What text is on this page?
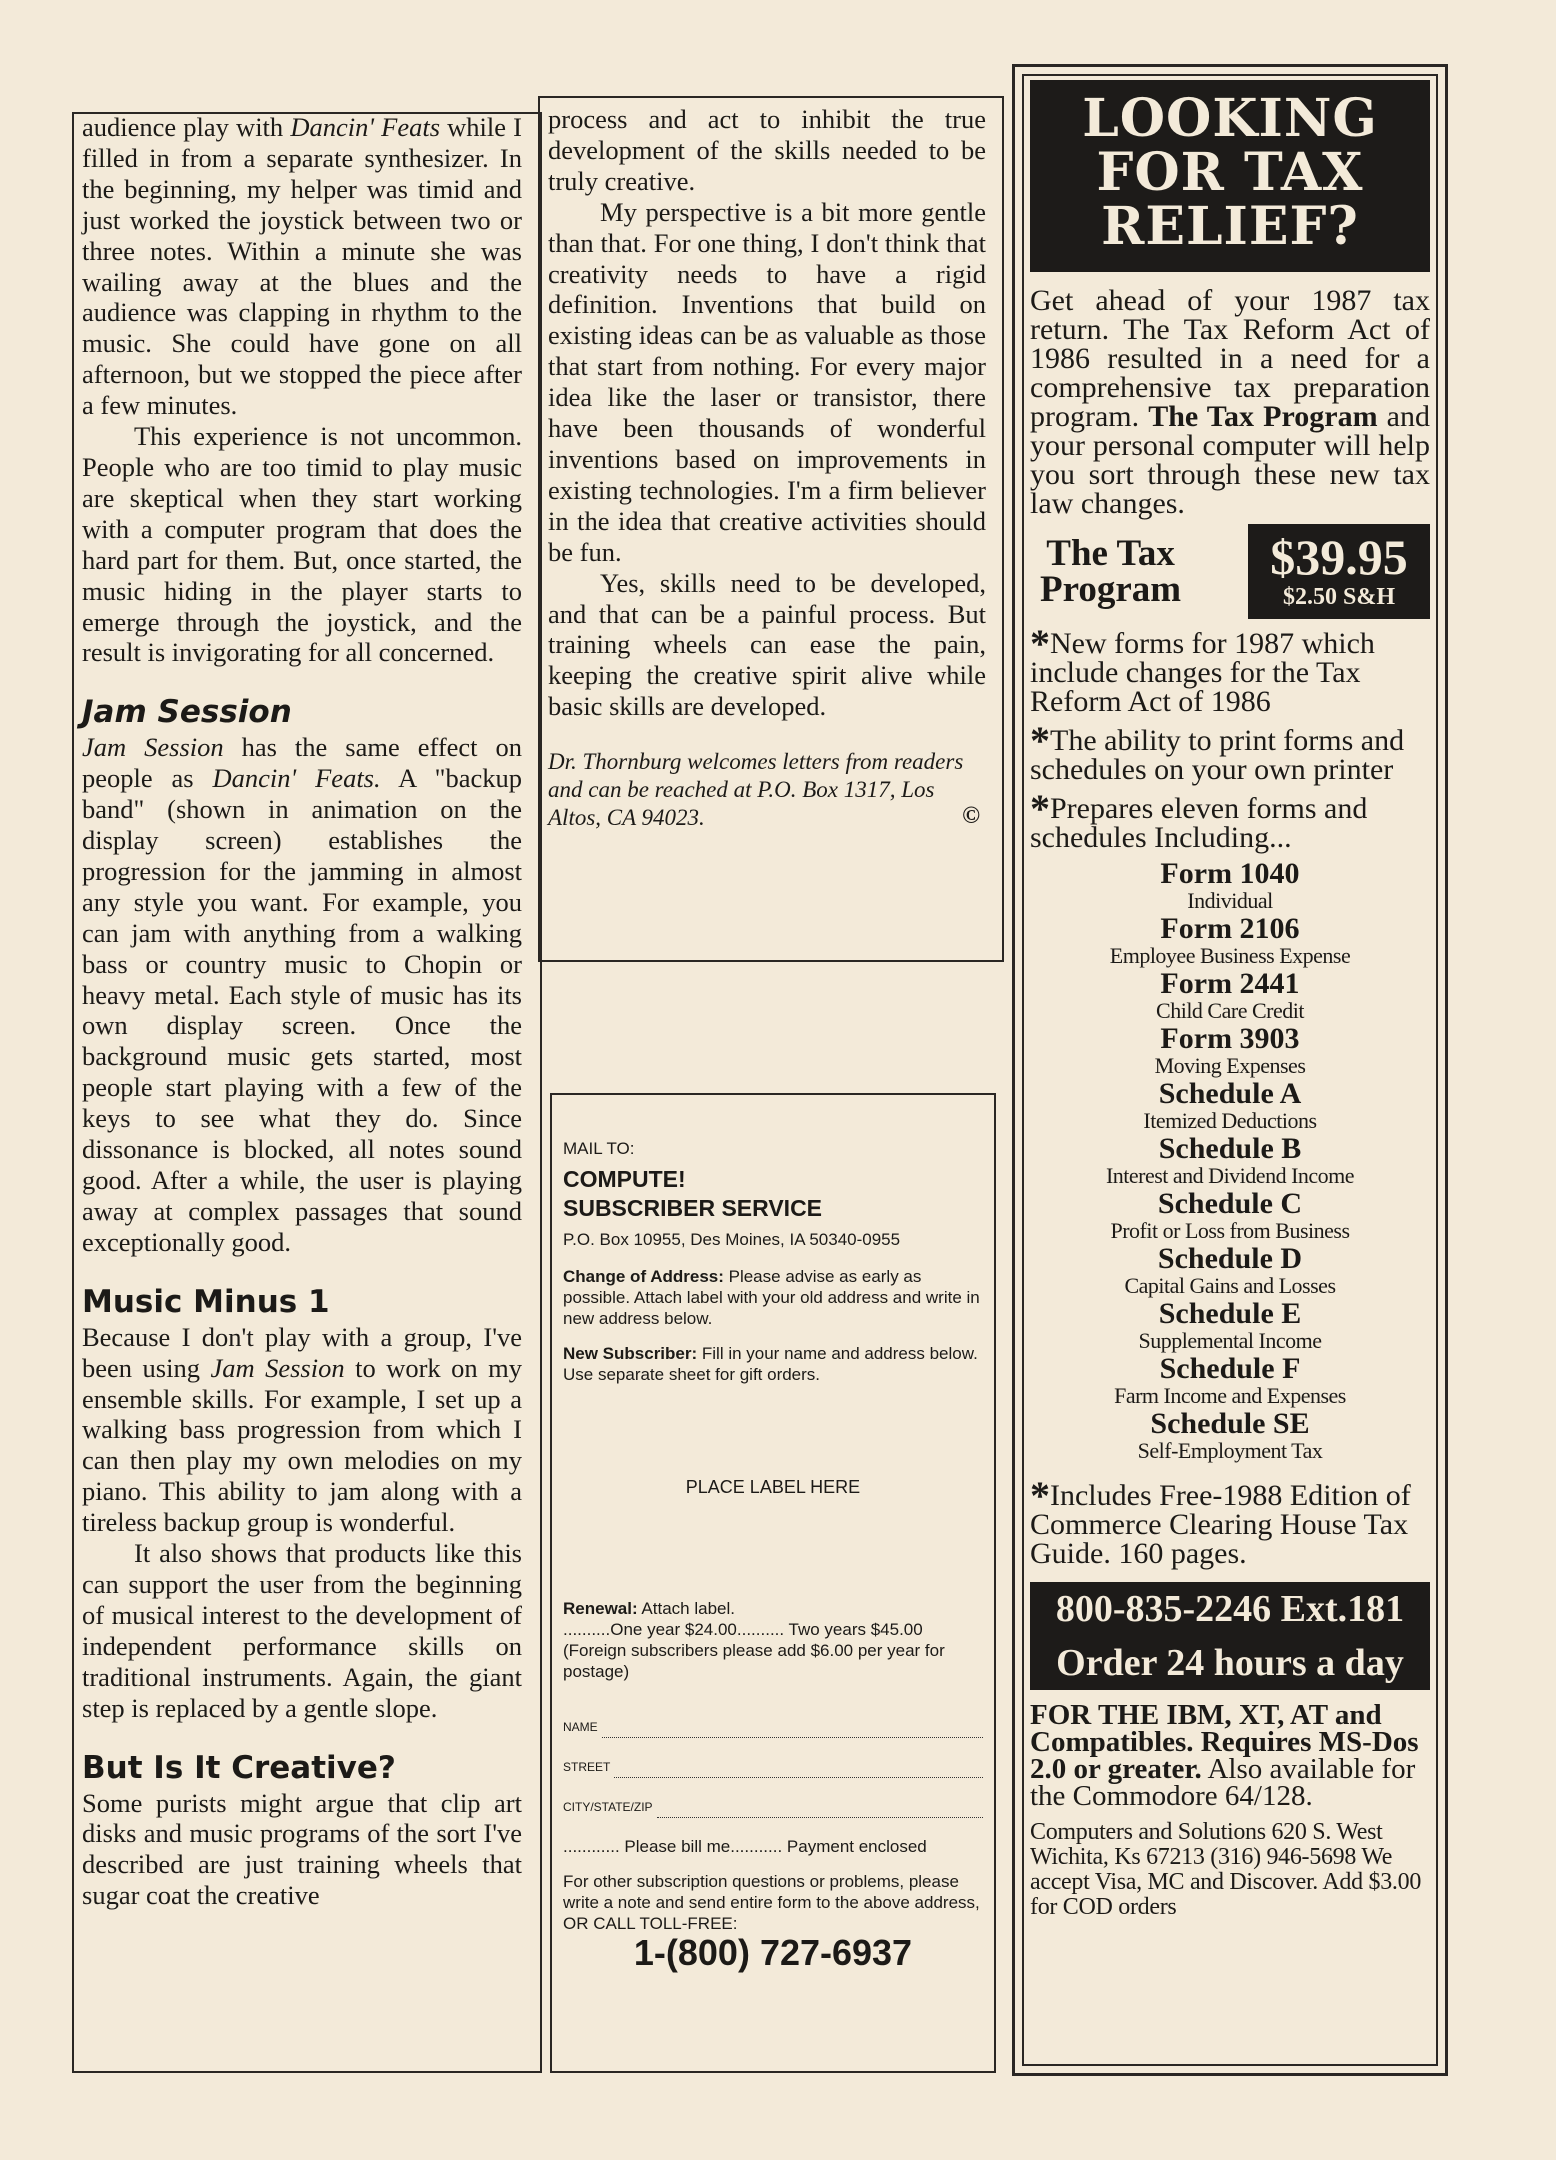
audience play with Dancin' Feats while I filled in from a separate synthesizer. In the beginning, my helper was timid and just worked the joystick between two or three notes. Within a minute she was wailing away at the blues and the audience was clapping in rhythm to the music. She could have gone on all afternoon, but we stopped the piece after a few minutes.

This experience is not uncommon. People who are too timid to play music are skeptical when they start working with a computer program that does the hard part for them. But, once started, the music hiding in the player starts to emerge through the joystick, and the result is invigorating for all concerned.

Jam Session

Jam Session has the same effect on people as Dancin' Feats. A "backup band" (shown in animation on the display screen) establishes the progression for the jamming in almost any style you want. For example, you can jam with anything from a walking bass or country music to Chopin or heavy metal. Each style of music has its own display screen. Once the background music gets started, most people start playing with a few of the keys to see what they do. Since dissonance is blocked, all notes sound good. After a while, the user is playing away at complex passages that sound exceptionally good.

Music Minus 1

Because I don't play with a group, I've been using Jam Session to work on my ensemble skills. For example, I set up a walking bass progression from which I can then play my own melodies on my piano. This ability to jam along with a tireless backup group is wonderful.

It also shows that products like this can support the user from the beginning of musical interest to the development of independent performance skills on traditional instruments. Again, the giant step is replaced by a gentle slope.

But Is It Creative?

Some purists might argue that clip art disks and music programs of the sort I've described are just training wheels that sugar coat the creative

process and act to inhibit the true development of the skills needed to be truly creative.

My perspective is a bit more gentle than that. For one thing, I don't think that creativity needs to have a rigid definition. Inventions that build on existing ideas can be as valuable as those that start from nothing. For every major idea like the laser or transistor, there have been thousands of wonderful inventions based on improvements in existing technologies. I'm a firm believer in the idea that creative activities should be fun.

Yes, skills need to be developed, and that can be a painful process. But training wheels can ease the pain, keeping the creative spirit alive while basic skills are developed.

Dr. Thornburg welcomes letters from readers and can be reached at P.O. Box 1317, Los Altos, CA 94023.	©
MAIL TO:
COMPUTE!
SUBSCRIBER SERVICE
P.O. Box 10955, Des Moines, IA 50340-0955

Change of Address: Please advise as early as possible. Attach label with your old address and write in new address below.

New Subscriber: Fill in your name and address below. Use separate sheet for gift orders.

PLACE LABEL HERE
Renewal: Attach label.
..........One year $24.00.......... Two years $45.00
(Foreign subscribers please add $6.00 per year for postage)
NAME
STREET
CITY/STATE/ZIP
............ Please bill me........... Payment enclosed
For other subscription questions or problems, please write a note and send entire form to the above address, OR CALL TOLL-FREE:
1-(800) 727-6937
LOOKING
FOR TAX
RELIEF?
Get ahead of your 1987 tax return. The Tax Reform Act of 1986 resulted in a need for a comprehensive tax preparation program. The Tax Program and your personal computer will help you sort through these new tax law changes.
The Tax
Program
$39.95
$2.50 S&H
*New forms for 1987 which include changes for the Tax Reform Act of 1986
*The ability to print forms and schedules on your own printer
*Prepares eleven forms and schedules Including...
Form 1040
Individual
Form 2106
Employee Business Expense
Form 2441
Child Care Credit
Form 3903
Moving Expenses
Schedule A
Itemized Deductions
Schedule B
Interest and Dividend Income
Schedule C
Profit or Loss from Business
Schedule D
Capital Gains and Losses
Schedule E
Supplemental Income
Schedule F
Farm Income and Expenses
Schedule SE
Self-Employment Tax
*Includes Free-1988 Edition of Commerce Clearing House Tax Guide. 160 pages.
800-835-2246 Ext.181
Order 24 hours a day
FOR THE IBM, XT, AT and Compatibles. Requires MS-Dos 2.0 or greater. Also available for the Commodore 64/128.
Computers and Solutions 620 S. West Wichita, Ks 67213 (316) 946-5698 We accept Visa, MC and Discover. Add $3.00 for COD orders
